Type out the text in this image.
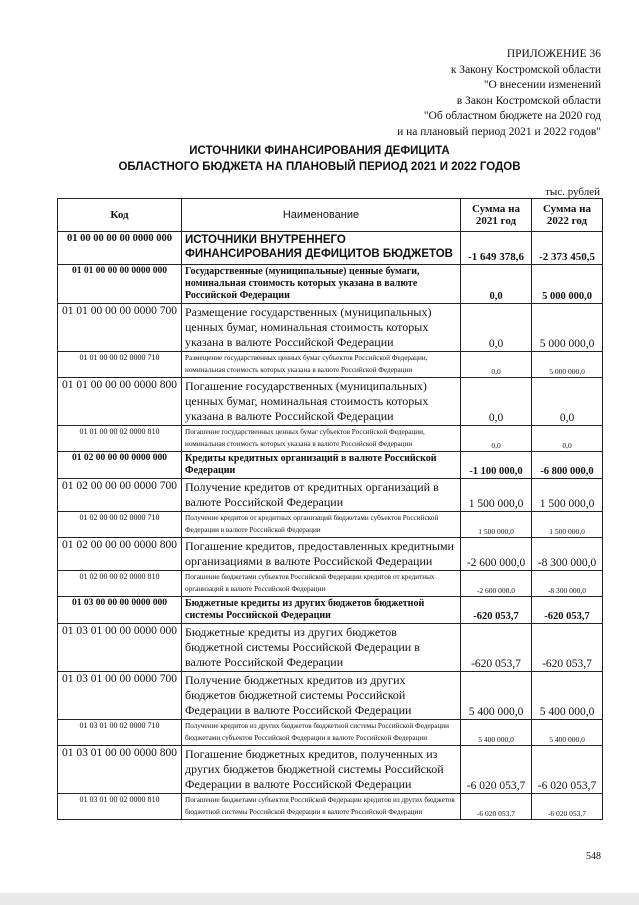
ПРИЛОЖЕНИЕ 36
к Закону Костромской области
"О внесении изменений
в Закон Костромской области
"Об областном бюджете на 2020 год
и на плановый период 2021 и 2022 годов"
ИСТОЧНИКИ ФИНАНСИРОВАНИЯ ДЕФИЦИТА
ОБЛАСТНОГО БЮДЖЕТА НА ПЛАНОВЫЙ ПЕРИОД 2021 И 2022 ГОДОВ
тыс. рублей
Код	Наименование	Сумма на 2021 год	Сумма на 2022 год
01 00 00 00 00 0000 000	ИСТОЧНИКИ ВНУТРЕННЕГО ФИНАНСИРОВАНИЯ ДЕФИЦИТОВ БЮДЖЕТОВ	-1 649 378,6	-2 373 450,5
01 01 00 00 00 0000 000	Государственные (муниципальные) ценные бумаги, номинальная стоимость которых указана в валюте Российской Федерации	0,0	5 000 000,0
01 01 00 00 00 0000 700	Размещение государственных (муниципальных) ценных бумаг, номинальная стоимость которых указана в валюте Российской Федерации	0,0	5 000 000,0
01 01 00 00 02 0000 710	Размещение государственных ценных бумаг субъектов Российской Федерации, номинальная стоимость которых указана в валюте Российской Федерации	0,0	5 000 000,0
01 01 00 00 00 0000 800	Погашение государственных (муниципальных) ценных бумаг, номинальная стоимость которых указана в валюте Российской Федерации	0,0	0,0
01 01 00 00 02 0000 810	Погашение государственных ценных бумаг субъектов Российской Федерации, номинальная стоимость которых указана в валюте Российской Федерации	0,0	0,0
01 02 00 00 00 0000 000	Кредиты кредитных организаций в валюте Российской Федерации	-1 100 000,0	-6 800 000,0
01 02 00 00 00 0000 700	Получение кредитов от кредитных организаций в валюте Российской Федерации	1 500 000,0	1 500 000,0
01 02 00 00 02 0000 710	Получение кредитов от кредитных организаций бюджетами субъектов Российской Федерации в валюте Российской Федерации	1 500 000,0	1 500 000,0
01 02 00 00 00 0000 800	Погашение кредитов, предоставленных кредитными организациями в валюте Российской Федерации	-2 600 000,0	-8 300 000,0
01 02 00 00 02 0000 810	Погашение бюджетами субъектов Российской Федерации кредитов от кредитных организаций в валюте Российской Федерации	-2 600 000,0	-8 300 000,0
01 03 00 00 00 0000 000	Бюджетные кредиты из других бюджетов бюджетной системы Российской Федерации	-620 053,7	-620 053,7
01 03 01 00 00 0000 000	Бюджетные кредиты из других бюджетов бюджетной системы Российской Федерации в валюте Российской Федерации	-620 053,7	-620 053,7
01 03 01 00 00 0000 700	Получение бюджетных кредитов из других бюджетов бюджетной системы Российской Федерации в валюте Российской Федерации	5 400 000,0	5 400 000,0
01 03 01 00 02 0000 710	Получение кредитов из других бюджетов бюджетной системы Российской Федерации бюджетами субъектов Российской Федерации в валюте Российской Федерации	5 400 000,0	5 400 000,0
01 03 01 00 00 0000 800	Погашение бюджетных кредитов, полученных из других бюджетов бюджетной системы Российской Федерации в валюте Российской Федерации	-6 020 053,7	-6 020 053,7
01 03 01 00 02 0000 810	Погашение бюджетами субъектов Российской Федерации кредитов из других бюджетов бюджетной системы Российской Федерации в валюте Российской Федерации	-6 020 053,7	-6 020 053,7
548
